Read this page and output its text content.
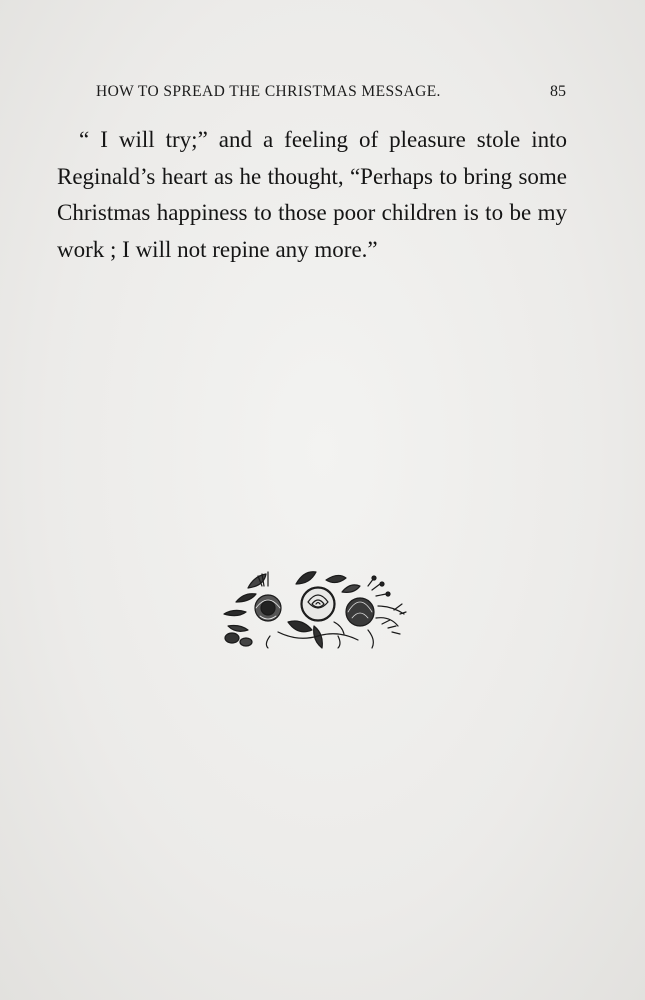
HOW TO SPREAD THE CHRISTMAS MESSAGE.	85

“ I will try;” and a feeling of pleasure stole into Reginald’s heart as he thought, “Perhaps to bring some Christmas happiness to those poor children is to be my work ; I will not repine any more.”
